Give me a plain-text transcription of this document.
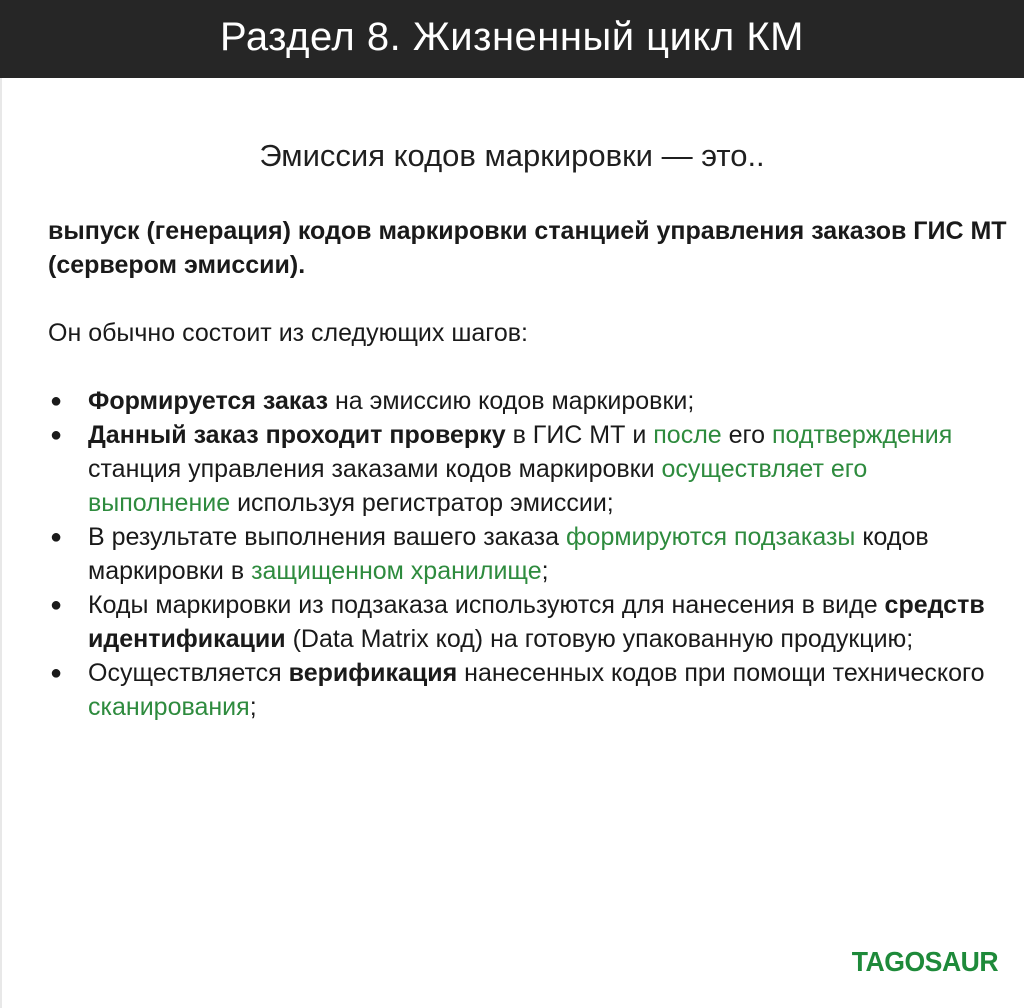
Раздел 8. Жизненный цикл КМ
Эмиссия кодов маркировки — это..
выпуск (генерация) кодов маркировки станцией управления заказов ГИС МТ (сервером эмиссии).
Он обычно состоит из следующих шагов:
● Формируется заказ на эмиссию кодов маркировки;
● Данный заказ проходит проверку в ГИС МТ и после его подтверждения станция управления заказами кодов маркировки осуществляет его выполнение используя регистратор эмиссии;
● В результате выполнения вашего заказа формируются подзаказы кодов маркировки в защищенном хранилище;
● Коды маркировки из подзаказа используются для нанесения в виде средств идентификации (Data Matrix код) на готовую упакованную продукцию;
● Осуществляется верификация нанесенных кодов при помощи технического сканирования;
TAGOSAUR
